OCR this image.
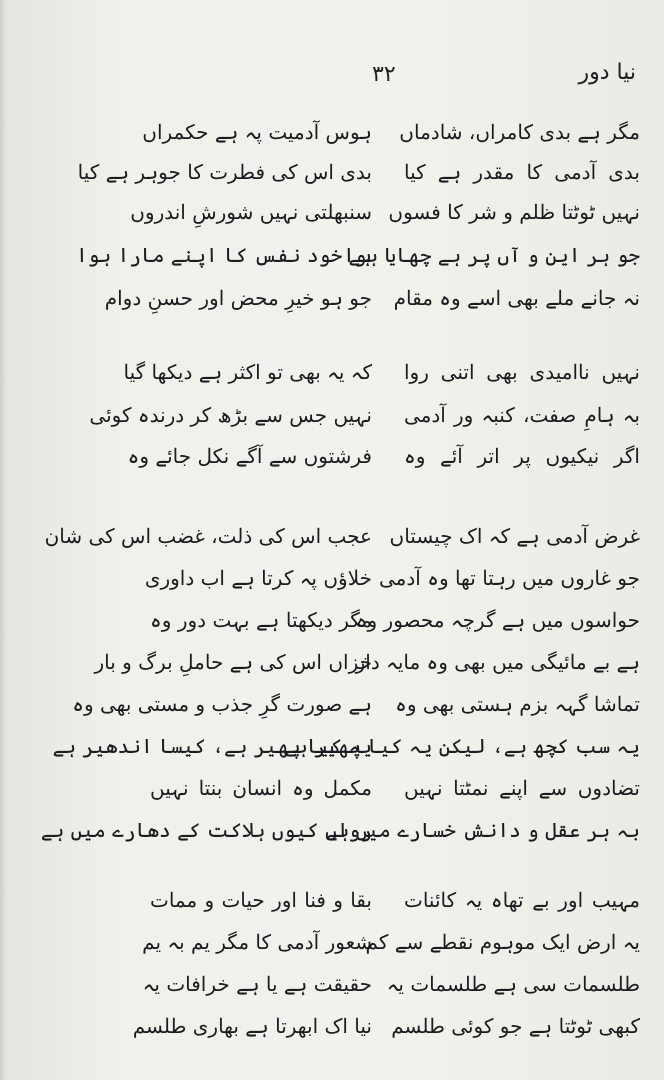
نیا دور
۳۲
مگر ہے بدی کامراں، شادماں
بدی آدمی کا مقدر ہے کیا
نہیں ٹوٹتا ظلم و شر کا فسوں
جو ہر این و آں پر ہے چھایا ہوا
نہ جانے ملے بھی اسے وہ مقام
ہوس آدمیت پہ ہے حکمراں
بدی اس کی فطرت کا جوہر ہے کیا
سنبھلتی نہیں شورشِ اندروں
ہے خود نفس کا اپنے مارا ہوا
جو ہو خیرِ محض اور حسنِ دوام
نہیں ناامیدی بھی اتنی روا
بہ ہامِ صفت، کنبہ ور آدمی
اگر نیکیوں پر اتر آئے وہ
کہ یہ بھی تو اکثر ہے دیکھا گیا
نہیں جس سے بڑھ کر درندہ کوئی
فرشتوں سے آگے نکل جائے وہ
غرض آدمی ہے کہ اک چیستاں
جو غاروں میں رہتا تھا وہ آدمی
حواسوں میں ہے گرچہ محصور وہ
ہے بے مائیگی میں بھی وہ مایہ دار
تماشا گہہ بزم ہستی بھی وہ
یہ سب کچھ ہے، لیکن یہ کیا پھیر ہے
تضادوں سے اپنے نمٹتا نہیں
بہ ہر عقل و دانش خسارے میں ہے
عجب اس کی ذلت، غضب اس کی شان
خلاؤں پہ کرتا ہے اب داوری
مگر دیکھتا ہے بہت دور وہ
خزاں اس کی ہے حاملِ برگ و بار
ہے صورت گرِ جذب و مستی بھی وہ
یہ کیا پھیر ہے، کیسا اندھیر ہے
مکمل وہ انسان بنتا نہیں
رواں کیوں ہلاکت کے دھارے میں ہے
مہیب اور بے تھاہ یہ کائنات
یہ ارض ایک موہوم نقطے سے کم
طلسمات سی ہے طلسمات یہ
کبھی ٹوٹتا ہے جو کوئی طلسم
بقا و فنا اور حیات و ممات
شعور آدمی کا مگر یم بہ یم
حقیقت ہے یا ہے خرافات یہ
نیا اک ابھرتا ہے بھاری طلسم
